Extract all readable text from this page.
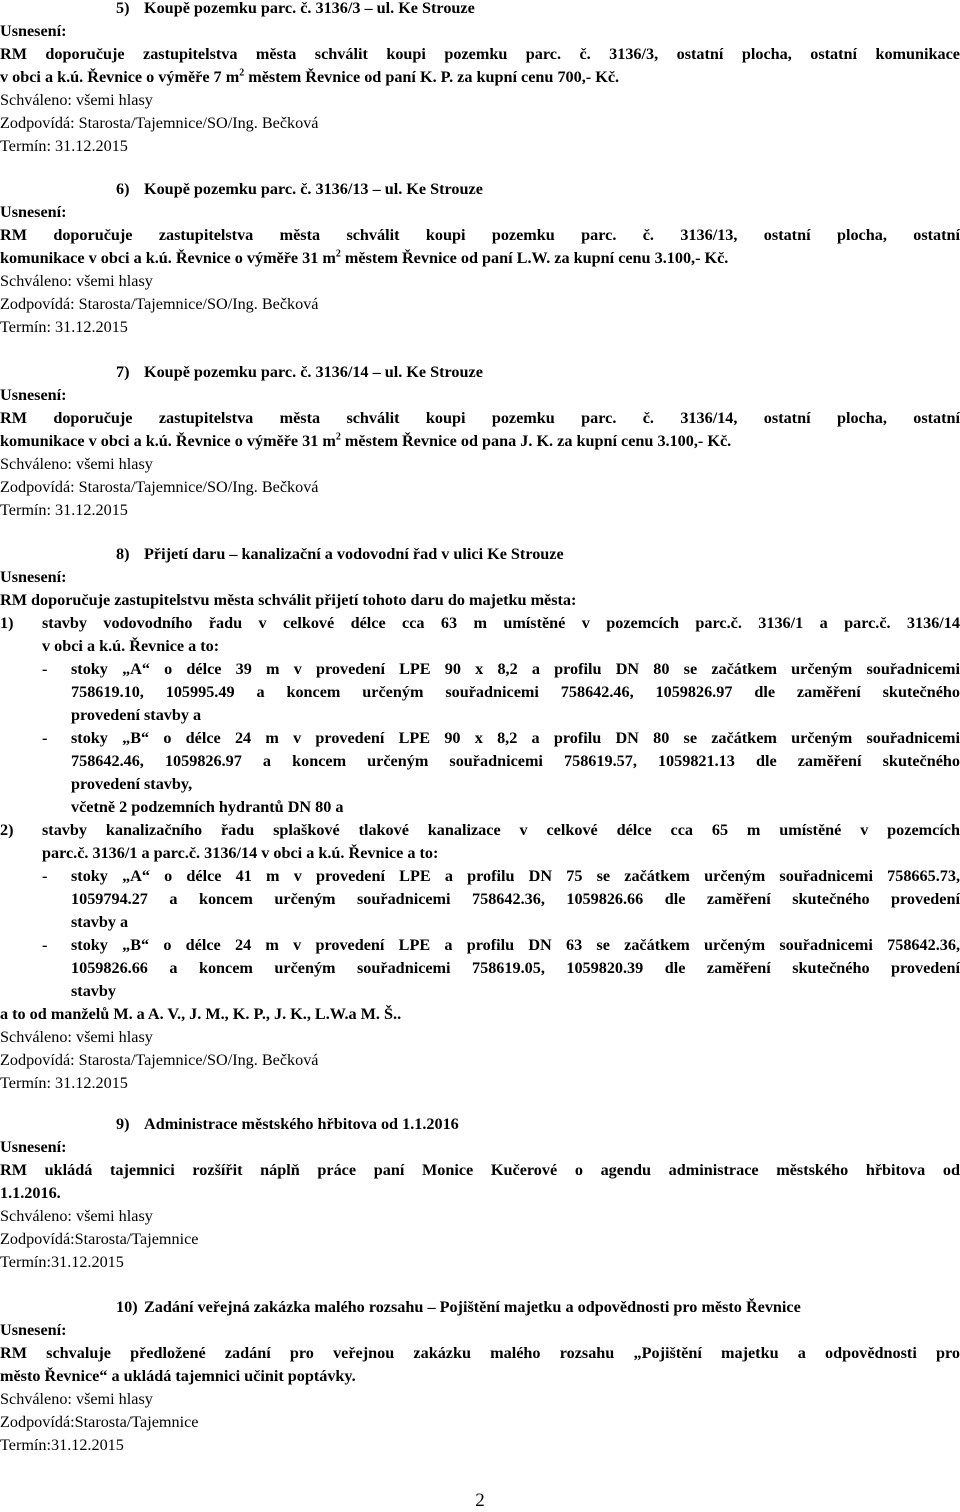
5) Koupě pozemku parc. č. 3136/3 – ul. Ke Strouze
Usnesení:
RM doporučuje zastupitelstva města schválit koupi pozemku parc. č. 3136/3, ostatní plocha, ostatní komunikace
v obci a k.ú. Řevnice o výměře 7 $m^2$ městem Řevnice od paní K. P. za kupní cenu 700,- Kč.
Schváleno: všemi hlasy
Zodpovídá: Starosta/Tajemnice/SO/Ing. Bečková
Termín: 31.12.2015
6) Koupě pozemku parc. č. 3136/13 – ul. Ke Strouze
Usnesení:
RM doporučuje zastupitelstva města schválit koupi pozemku parc. č. 3136/13, ostatní plocha, ostatní
komunikace v obci a k.ú. Řevnice o výměře 31 $m^2$ městem Řevnice od paní L.W. za kupní cenu 3.100,- Kč.
Schváleno: všemi hlasy
Zodpovídá: Starosta/Tajemnice/SO/Ing. Bečková
Termín: 31.12.2015
7) Koupě pozemku parc. č. 3136/14 – ul. Ke Strouze
Usnesení:
RM doporučuje zastupitelstva města schválit koupi pozemku parc. č. 3136/14, ostatní plocha, ostatní
komunikace v obci a k.ú. Řevnice o výměře 31 $m^2$ městem Řevnice od pana J. K. za kupní cenu 3.100,- Kč.
Schváleno: všemi hlasy
Zodpovídá: Starosta/Tajemnice/SO/Ing. Bečková
Termín: 31.12.2015
8) Přijetí daru – kanalizační a vodovodní řad v ulici Ke Strouze
Usnesení:
RM doporučuje zastupitelstvu města schválit přijetí tohoto daru do majetku města:
1) stavby vodovodního řadu v celkové délce cca 63 m umístěné v pozemcích parc.č. 3136/1 a parc.č. 3136/14
v obci a k.ú. Řevnice a to:
- stoky „A“ o délce 39 m v provedení LPE 90 x 8,2 a profilu DN 80 se začátkem určeným souřadnicemi
758619.10, 105995.49 a koncem určeným souřadnicemi 758642.46, 1059826.97 dle zaměření skutečného
provedení stavby a
- stoky „B“ o délce 24 m v provedení LPE 90 x 8,2 a profilu DN 80 se začátkem určeným souřadnicemi
758642.46, 1059826.97 a koncem určeným souřadnicemi 758619.57, 1059821.13 dle zaměření skutečného
provedení stavby,
včetně 2 podzemních hydrantů DN 80 a
2) stavby kanalizačního řadu splaškové tlakové kanalizace v celkové délce cca 65 m umístěné v pozemcích
parc.č. 3136/1 a parc.č. 3136/14 v obci a k.ú. Řevnice a to:
- stoky „A“ o délce 41 m v provedení LPE a profilu DN 75 se začátkem určeným souřadnicemi 758665.73,
1059794.27 a koncem určeným souřadnicemi 758642.36, 1059826.66 dle zaměření skutečného provedení
stavby a
- stoky „B“ o délce 24 m v provedení LPE a profilu DN 63 se začátkem určeným souřadnicemi 758642.36,
1059826.66 a koncem určeným souřadnicemi 758619.05, 1059820.39 dle zaměření skutečného provedení
stavby
a to od manželů M. a A. V., J. M., K. P., J. K., L.W.a M. Š..
Schváleno: všemi hlasy
Zodpovídá: Starosta/Tajemnice/SO/Ing. Bečková
Termín: 31.12.2015
9) Administrace městského hřbitova od 1.1.2016
Usnesení:
RM ukládá tajemnici rozšířit náplň práce paní Monice Kučerové o agendu administrace městského hřbitova od
1.1.2016.
Schváleno: všemi hlasy
Zodpovídá:Starosta/Tajemnice
Termín:31.12.2015
10) Zadání veřejná zakázka malého rozsahu – Pojištění majetku a odpovědnosti pro město Řevnice
Usnesení:
RM schvaluje předložené zadání pro veřejnou zakázku malého rozsahu „Pojištění majetku a odpovědnosti pro
město Řevnice“ a ukládá tajemnici učinit poptávky.
Schváleno: všemi hlasy
Zodpovídá:Starosta/Tajemnice
Termín:31.12.2015
2
